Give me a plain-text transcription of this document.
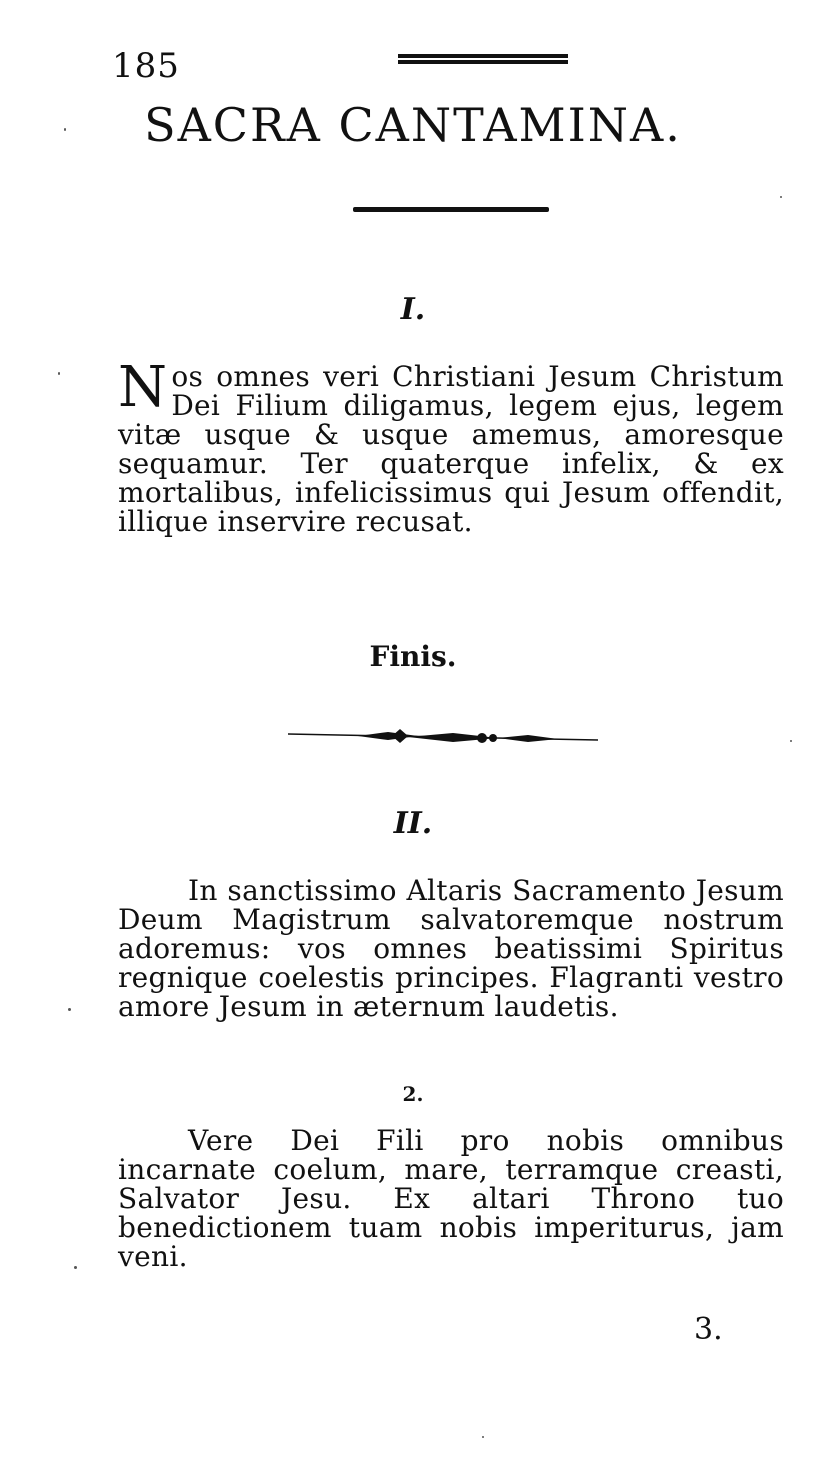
185
SACRA CANTAMINA.
I.
N os omnes veri Christiani Jesum Christum Dei Filium diligamus, legem ejus, legem vitæ usque & usque amemus, amoresque sequamur. Ter quaterque infelix, & ex mortalibus, infelicissimus qui Jesum offendit, illique inservire recusat.
Finis.
II.
In sanctissimo Altaris Sacramento Jesum Deum Magistrum salvatoremque nostrum adoremus: vos omnes beatissimi Spiritus regnique coelestis principes. Flagranti vestro amore Jesum in æternum laudetis.
2.
Vere Dei Fili pro nobis omnibus incarnate coelum, mare, terramque creasti, Salvator Jesu. Ex altari Throno tuo benedictionem tuam nobis imperiturus, jam veni.
3.
